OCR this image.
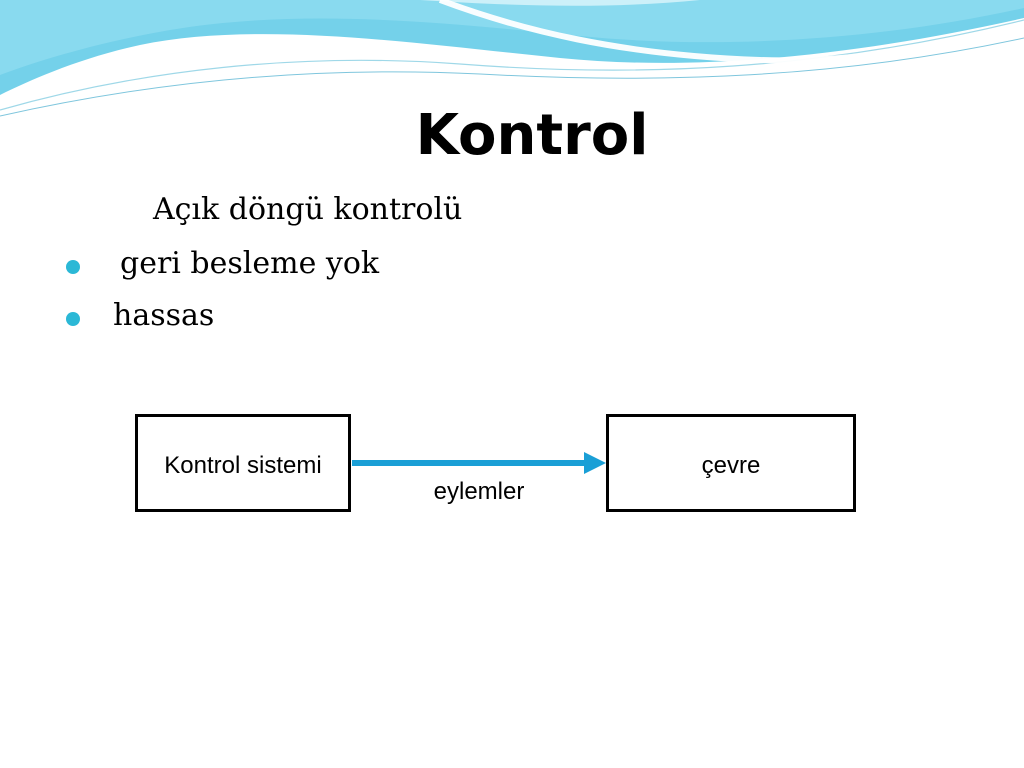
Kontrol
Açık döngü kontrolü
geri besleme yok
hassas
Kontrol sistemi
eylemler
çevre
